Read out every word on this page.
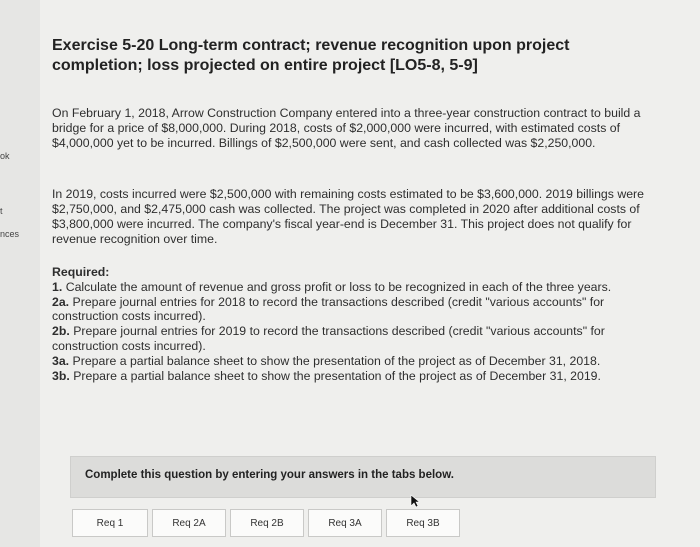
ok
t
nces
Exercise 5-20 Long-term contract; revenue recognition upon project completion; loss projected on entire project [LO5-8, 5-9]
On February 1, 2018, Arrow Construction Company entered into a three-year construction contract to build a bridge for a price of $8,000,000. During 2018, costs of $2,000,000 were incurred, with estimated costs of $4,000,000 yet to be incurred. Billings of $2,500,000 were sent, and cash collected was $2,250,000.
In 2019, costs incurred were $2,500,000 with remaining costs estimated to be $3,600,000. 2019 billings were $2,750,000, and $2,475,000 cash was collected. The project was completed in 2020 after additional costs of $3,800,000 were incurred. The company's fiscal year-end is December 31. This project does not qualify for revenue recognition over time.
Required:
1. Calculate the amount of revenue and gross profit or loss to be recognized in each of the three years.
2a. Prepare journal entries for 2018 to record the transactions described (credit "various accounts" for construction costs incurred).
2b. Prepare journal entries for 2019 to record the transactions described (credit "various accounts" for construction costs incurred).
3a. Prepare a partial balance sheet to show the presentation of the project as of December 31, 2018.
3b. Prepare a partial balance sheet to show the presentation of the project as of December 31, 2019.
Complete this question by entering your answers in the tabs below.
Req 1	Req 2A	Req 2B	Req 3A	Req 3B
